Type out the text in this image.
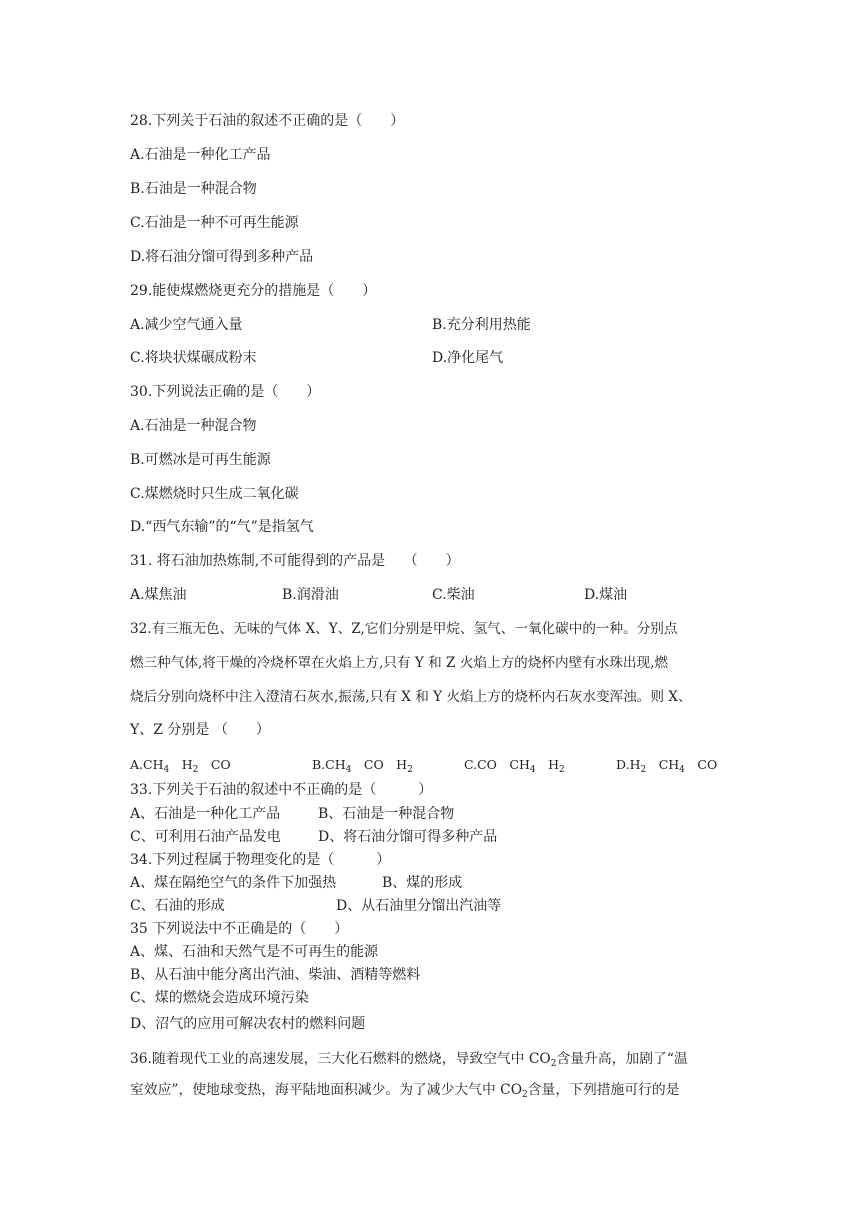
28.下列关于石油的叙述不正确的是（　　）
A.石油是一种化工产品
B.石油是一种混合物
C.石油是一种不可再生能源
D.将石油分馏可得到多种产品
29.能使煤燃烧更充分的措施是（　　）
A.减少空气通入量	B.充分利用热能
C.将块状煤碾成粉末	D.净化尾气
30.下列说法正确的是（　　）
A.石油是一种混合物
B.可燃冰是可再生能源
C.煤燃烧时只生成二氧化碳
D.“西气东输”的“气”是指氢气
31. 将石油加热炼制,不可能得到的产品是　 （　　）
A.煤焦油	B.润滑油	C.柴油	D.煤油
32.有三瓶无色、无味的气体 X、Y、Z,它们分别是甲烷、氢气、一氧化碳中的一种。分别点
燃三种气体,将干燥的冷烧杯罩在火焰上方,只有 Y 和 Z 火焰上方的烧杯内壁有水珠出现,燃
烧后分别向烧杯中注入澄清石灰水,振荡,只有 X 和 Y 火焰上方的烧杯内石灰水变浑浊。则 X、
Y、Z 分别是 （　　）
$A.CH_4$　$H_2$　CO	$B.CH_4$　CO　$H_2$	C.CO　$CH_4$　$H_2$	$D.H_2$　$CH_4$　CO
33.下列关于石油的叙述中不正确的是（　　　）
A、石油是一种化工产品	B、石油是一种混合物
C、可利用石油产品发电	D、将石油分馏可得多种产品
34.下列过程属于物理变化的是（　　　）
A、煤在隔绝空气的条件下加强热	B、煤的形成
C、石油的形成	D、从石油里分馏出汽油等
35 下列说法中不正确是的（　　）
A、煤、石油和天然气是不可再生的能源
B、从石油中能分离出汽油、柴油、酒精等燃料
C、煤的燃烧会造成环境污染
D、沼气的应用可解决农村的燃料问题
36.随着现代工业的高速发展，三大化石燃料的燃烧，导致空气中 $CO_2$含量升高，加剧了“温
室效应”，使地球变热，海平陆地面积减少。为了减少大气中 $CO_2$含量，下列措施可行的是
